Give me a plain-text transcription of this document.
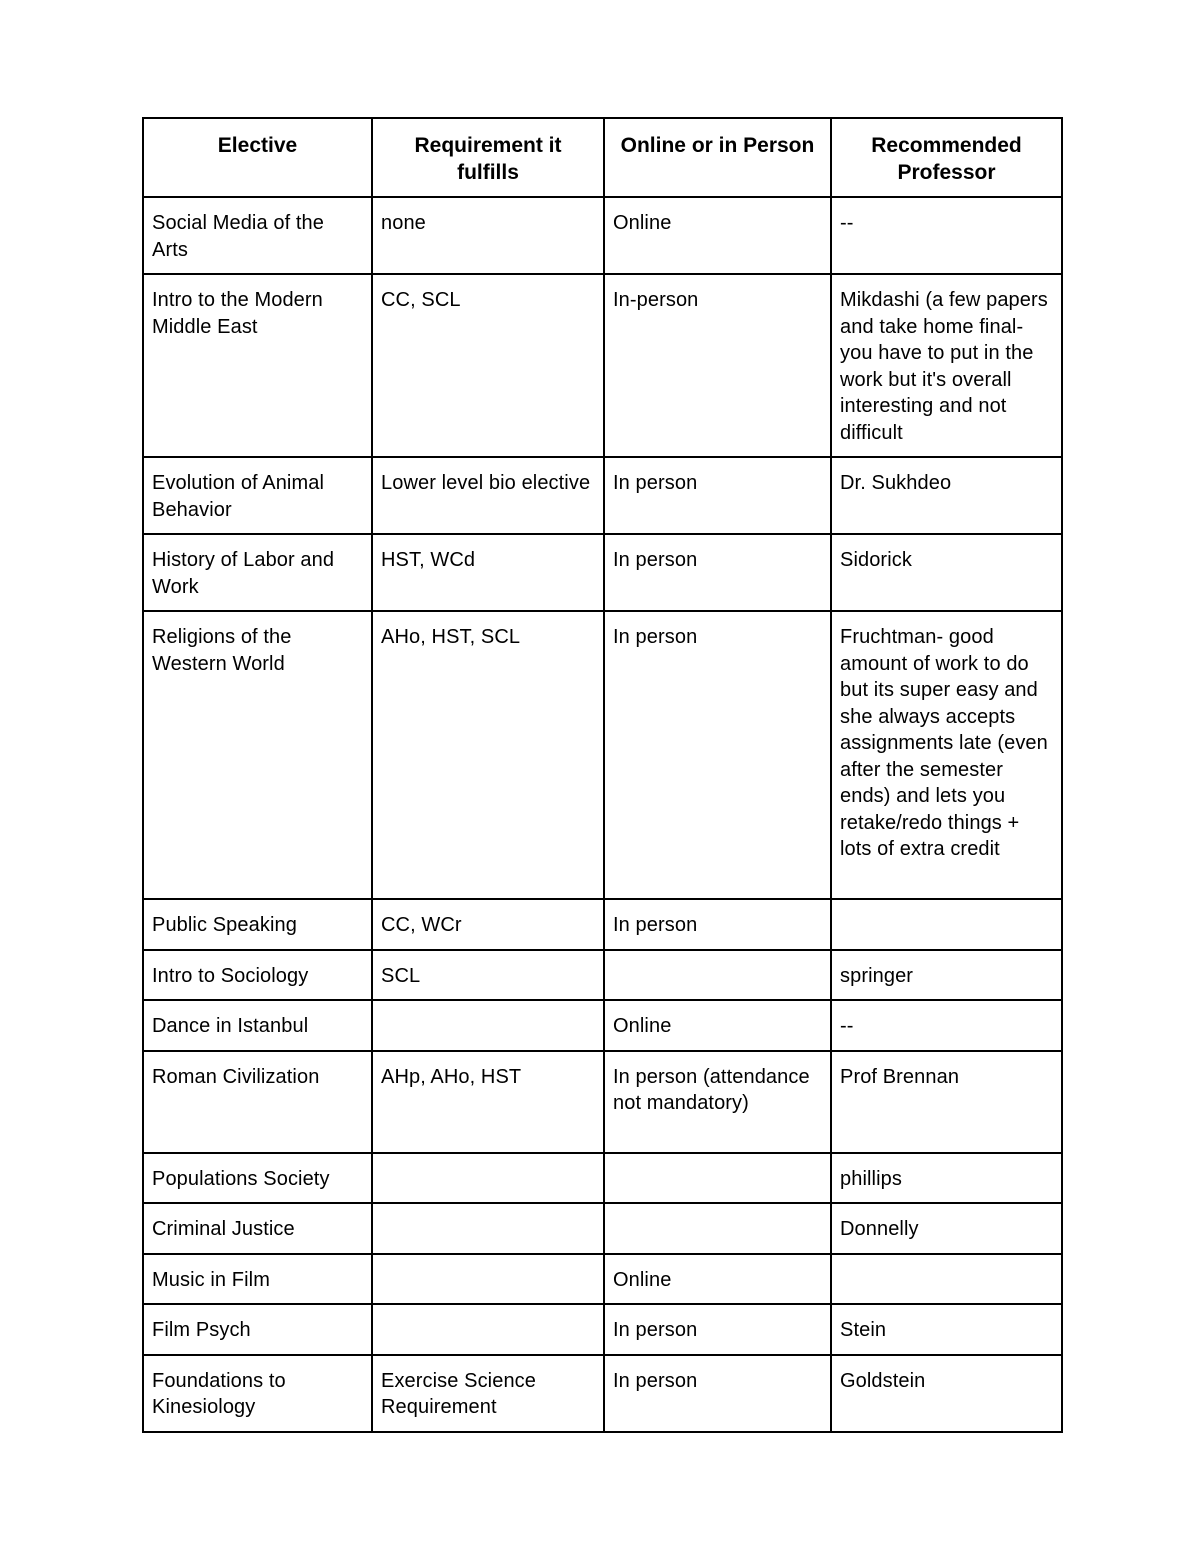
Elective	Requirement it fulfills	Online or in Person	Recommended Professor
Social Media of the Arts	none	Online	--
Intro to the Modern Middle East	CC, SCL	In-person	Mikdashi (a few papers and take home final- you have to put in the work but it's overall interesting and not difficult
Evolution of Animal Behavior	Lower level bio elective	In person	Dr. Sukhdeo
History of Labor and Work	HST, WCd	In person	Sidorick
Religions of the Western World	AHo, HST, SCL	In person	Fruchtman- good amount of work to do but its super easy and she always accepts assignments late (even after the semester ends) and lets you retake/redo things + lots of extra credit
Public Speaking	CC, WCr	In person	
Intro to Sociology	SCL		springer
Dance in Istanbul		Online	--
Roman Civilization	AHp, AHo, HST	In person (attendance not mandatory)	Prof Brennan
Populations Society			phillips
Criminal Justice			Donnelly
Music in Film		Online	
Film Psych		In person	Stein
Foundations to Kinesiology	Exercise Science Requirement	In person	Goldstein
